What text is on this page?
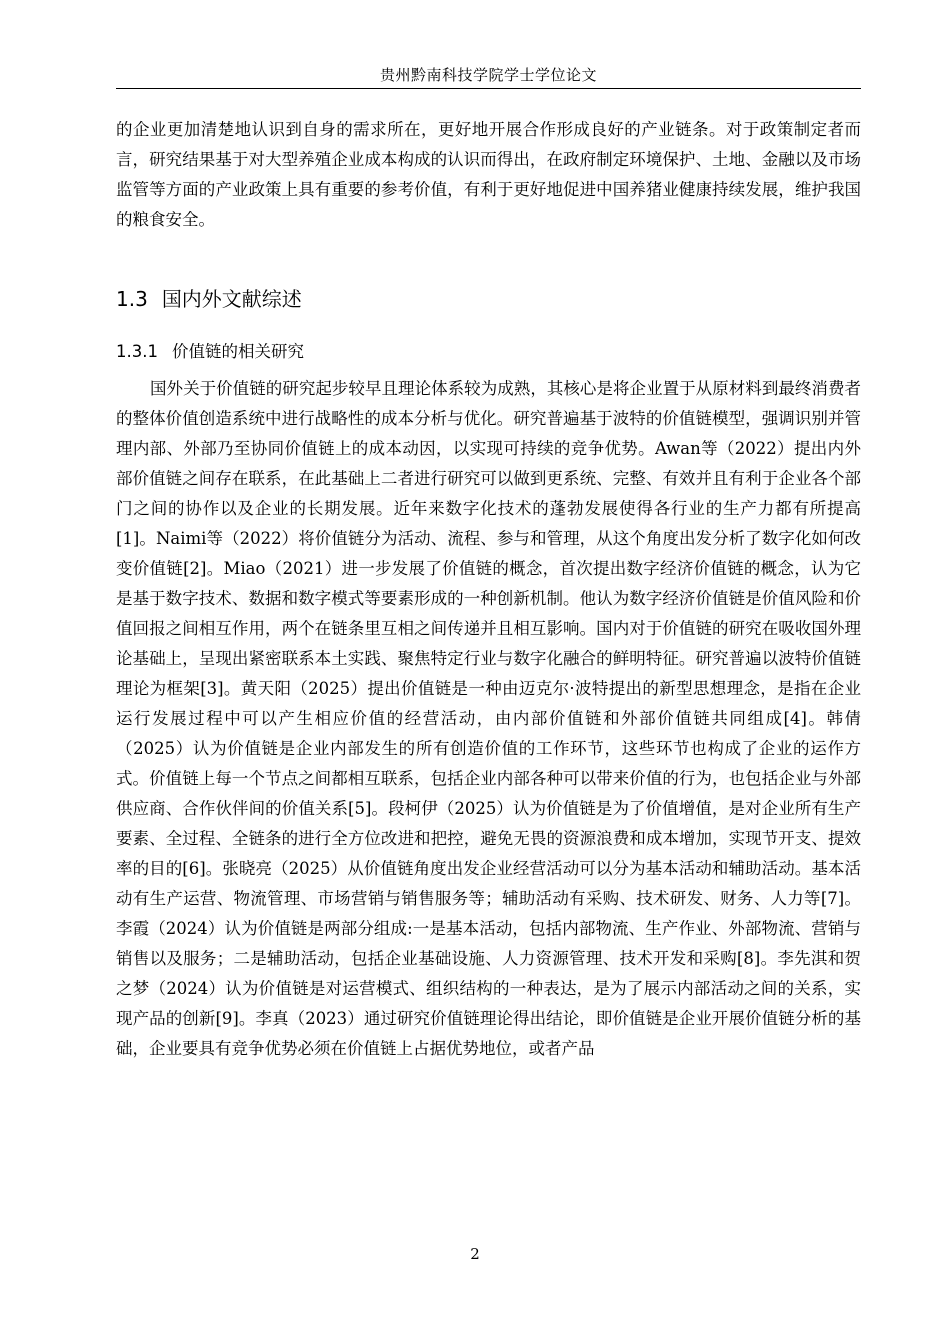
贵州黔南科技学院学士学位论文

的企业更加清楚地认识到自身的需求所在，更好地开展合作形成良好的产业链条。对于政策制定者而言，研究结果基于对大型养殖企业成本构成的认识而得出，在政府制定环境保护、土地、金融以及市场监管等方面的产业政策上具有重要的参考价值，有利于更好地促进中国养猪业健康持续发展，维护我国的粮食安全。

1.3 国内外文献综述
1.3.1 价值链的相关研究

国外关于价值链的研究起步较早且理论体系较为成熟，其核心是将企业置于从原材料到最终消费者的整体价值创造系统中进行战略性的成本分析与优化。研究普遍基于波特的价值链模型，强调识别并管理内部、外部乃至协同价值链上的成本动因，以实现可持续的竞争优势。Awan等（2022）提出内外部价值链之间存在联系，在此基础上二者进行研究可以做到更系统、完整、有效并且有利于企业各个部门之间的协作以及企业的长期发展。近年来数字化技术的蓬勃发展使得各行业的生产力都有所提高[1]。Naimi等（2022）将价值链分为活动、流程、参与和管理，从这个角度出发分析了数字化如何改变价值链[2]。Miao（2021）进一步发展了价值链的概念，首次提出数字经济价值链的概念，认为它是基于数字技术、数据和数字模式等要素形成的一种创新机制。他认为数字经济价值链是价值风险和价值回报之间相互作用，两个在链条里互相之间传递并且相互影响。国内对于价值链的研究在吸收国外理论基础上，呈现出紧密联系本土实践、聚焦特定行业与数字化融合的鲜明特征。研究普遍以波特价值链理论为框架[3]。黄天阳（2025）提出价值链是一种由迈克尔·波特提出的新型思想理念，是指在企业运行发展过程中可以产生相应价值的经营活动，由内部价值链和外部价值链共同组成[4]。韩倩（2025）认为价值链是企业内部发生的所有创造价值的工作环节，这些环节也构成了企业的运作方式。价值链上每一个节点之间都相互联系，包括企业内部各种可以带来价值的行为，也包括企业与外部供应商、合作伙伴间的价值关系[5]。段柯伊（2025）认为价值链是为了价值增值，是对企业所有生产要素、全过程、全链条的进行全方位改进和把控，避免无畏的资源浪费和成本增加，实现节开支、提效率的目的[6]。张晓亮（2025）从价值链角度出发企业经营活动可以分为基本活动和辅助活动。基本活动有生产运营、物流管理、市场营销与销售服务等；辅助活动有采购、技术研发、财务、人力等[7]。李霞（2024）认为价值链是两部分组成:一是基本活动，包括内部物流、生产作业、外部物流、营销与销售以及服务；二是辅助活动，包括企业基础设施、人力资源管理、技术开发和采购[8]。李先淇和贺之梦（2024）认为价值链是对运营模式、组织结构的一种表达，是为了展示内部活动之间的关系，实现产品的创新[9]。李真（2023）通过研究价值链理论得出结论，即价值链是企业开展价值链分析的基础，企业要具有竞争优势必须在价值链上占据优势地位，或者产品

2
